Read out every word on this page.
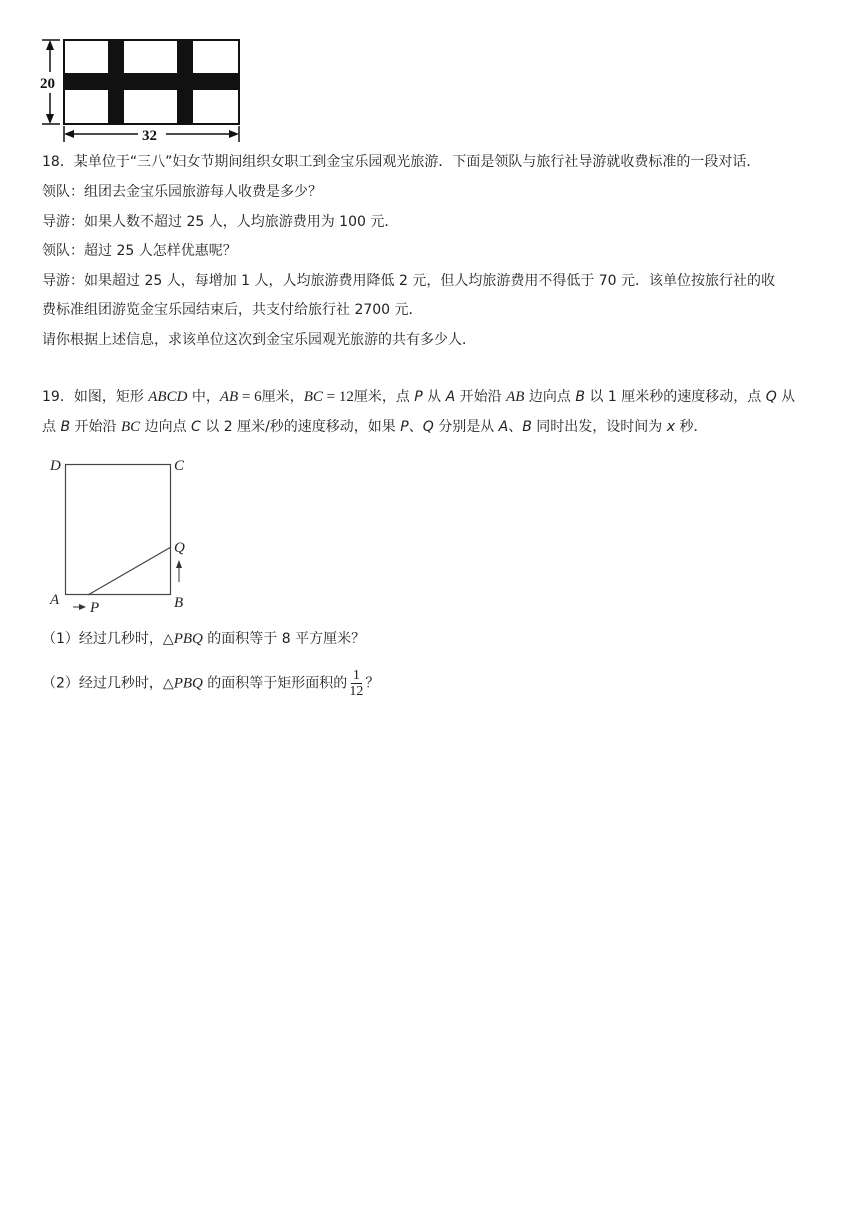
20
32
18．某单位于“三八”妇女节期间组织女职工到金宝乐园观光旅游．下面是领队与旅行社导游就收费标准的一段对话．
领队：组团去金宝乐园旅游每人收费是多少？
导游：如果人数不超过 25 人，人均旅游费用为 100 元．
领队：超过 25 人怎样优惠呢？
导游：如果超过 25 人，每增加 1 人，人均旅游费用降低 2 元，但人均旅游费用不得低于 70 元．该单位按旅行社的收
费标准组团游览金宝乐园结束后，共支付给旅行社 2700 元．
请你根据上述信息，求该单位这次到金宝乐园观光旅游的共有多少人．
19．如图，矩形 ABCD 中，AB = 6厘米，BC = 12厘米，点 P 从 A 开始沿 AB 边向点 B 以 1 厘米秒的速度移动，点 Q 从
点 B 开始沿 BC 边向点 C 以 2 厘米/秒的速度移动，如果 P、Q 分别是从 A、B 同时出发，设时间为 x 秒．
D	C
Q
A P	B
（1）经过几秒时，△PBQ 的面积等于 8 平方厘米？
（2）经过几秒时，△PBQ 的面积等于矩形面积的 $\frac{1}{12}$ ？
